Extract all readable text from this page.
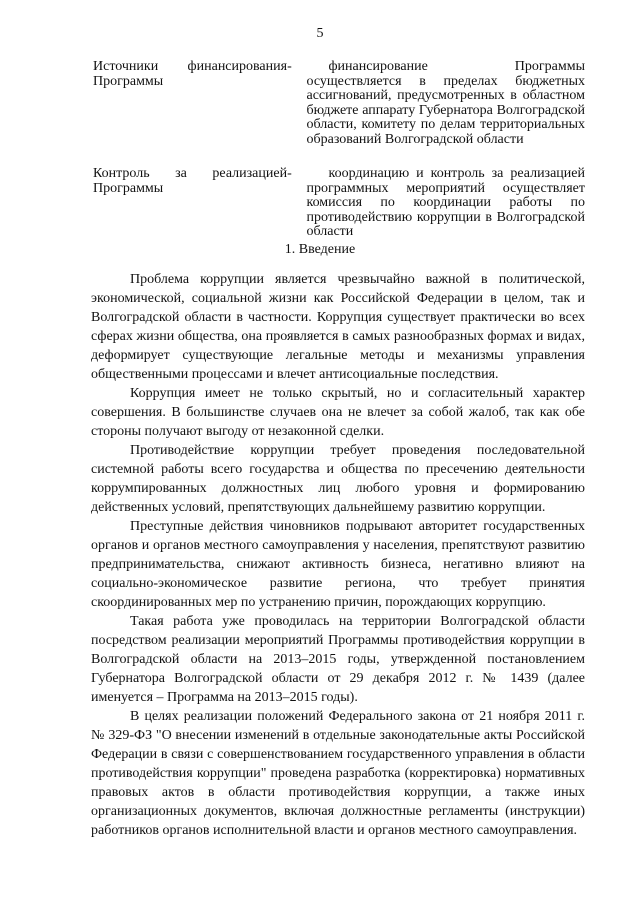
5
Источники финансирования Программы
-	финансирование Программы осуществляется в пределах бюджетных ассигнований, предусмотренных в областном бюджете аппарату Губернатора Волгоградской области, комитету по делам территориальных образований Волгоградской области
Контроль за реализацией Программы
-	координацию и контроль за реализацией программных мероприятий осуществляет комиссия по координации работы по противодействию коррупции в Волгоградской области
1. Введение

Проблема коррупции является чрезвычайно важной в политической, экономической, социальной жизни как Российской Федерации в целом, так и Волгоградской области в частности. Коррупция существует практически во всех сферах жизни общества, она проявляется в самых разнообразных формах и видах, деформирует существующие легальные методы и механизмы управления общественными процессами и влечет антисоциальные последствия.

Коррупция имеет не только скрытый, но и согласительный характер совершения. В большинстве случаев она не влечет за собой жалоб, так как обе стороны получают выгоду от незаконной сделки.

Противодействие коррупции требует проведения последовательной системной работы всего государства и общества по пресечению деятельности коррумпированных должностных лиц любого уровня и формированию действенных условий, препятствующих дальнейшему развитию коррупции.

Преступные действия чиновников подрывают авторитет государственных органов и органов местного самоуправления у населения, препятствуют развитию предпринимательства, снижают активность бизнеса, негативно влияют на социально-экономическое развитие региона, что требует принятия скоординированных мер по устранению причин, порождающих коррупцию.

Такая работа уже проводилась на территории Волгоградской области посредством реализации мероприятий Программы противодействия коррупции в Волгоградской области на 2013–2015 годы, утвержденной постановлением Губернатора Волгоградской области от 29 декабря 2012 г. № 1439 (далее именуется – Программа на 2013–2015 годы).

В целях реализации положений Федерального закона от 21 ноября 2011 г. № 329-ФЗ "О внесении изменений в отдельные законодательные акты Российской Федерации в связи с совершенствованием государственного управления в области противодействия коррупции" проведена разработка (корректировка) нормативных правовых актов в области противодействия коррупции, а также иных организационных документов, включая должностные регламенты (инструкции) работников органов исполнительной власти и органов местного самоуправления.
